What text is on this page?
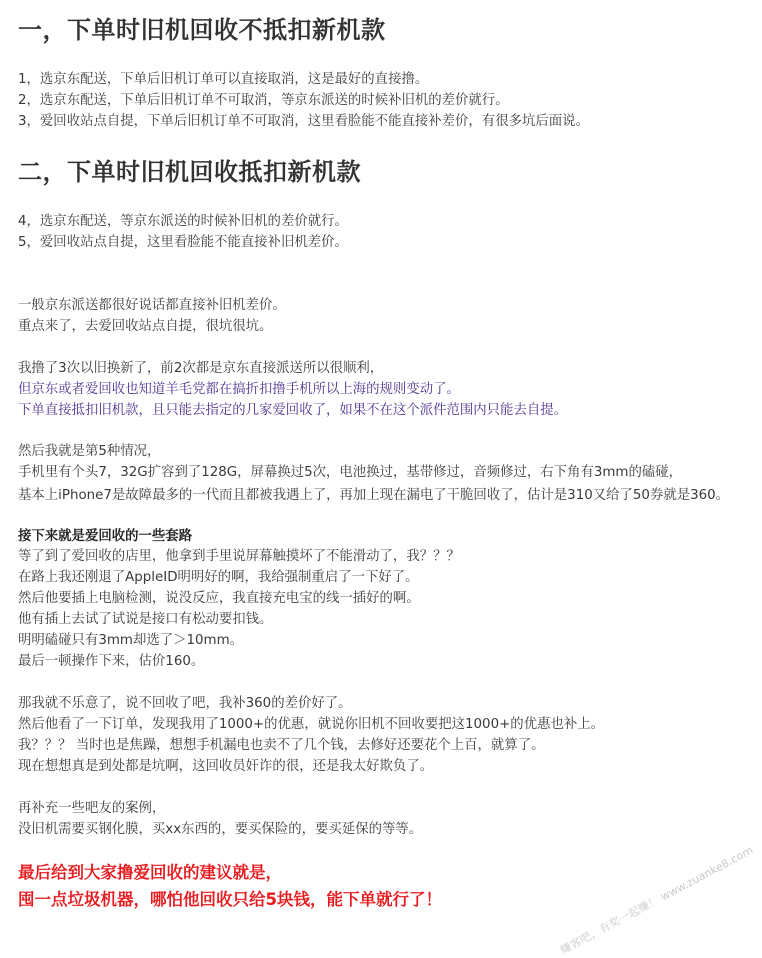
一，下单时旧机回收不抵扣新机款
1，选京东配送，下单后旧机订单可以直接取消，这是最好的直接撸。
2，选京东配送，下单后旧机订单不可取消，等京东派送的时候补旧机的差价就行。
3，爱回收站点自提，下单后旧机订单不可取消，这里看脸能不能直接补差价，有很多坑后面说。
二，下单时旧机回收抵扣新机款
4，选京东配送，等京东派送的时候补旧机的差价就行。
5，爱回收站点自提，这里看脸能不能直接补旧机差价。
一般京东派送都很好说话都直接补旧机差价。
重点来了，去爱回收站点自提，很坑很坑。
我撸了3次以旧换新了，前2次都是京东直接派送所以很顺利，
但京东或者爱回收也知道羊毛党都在搞折扣撸手机所以上海的规则变动了。
下单直接抵扣旧机款，且只能去指定的几家爱回收了，如果不在这个派件范围内只能去自提。
然后我就是第5种情况，
手机里有个头7，32G扩容到了128G，屏幕换过5次，电池换过，基带修过，音频修过，右下角有3mm的磕碰，
基本上iPhone7是故障最多的一代而且都被我遇上了，再加上现在漏电了干脆回收了，估计是310又给了50券就是360。
接下来就是爱回收的一些套路
等了到了爱回收的店里，他拿到手里说屏幕触摸坏了不能滑动了，我？？？
在路上我还刚退了AppleID明明好的啊，我给强制重启了一下好了。
然后他要插上电脑检测，说没反应，我直接充电宝的线一插好的啊。
他有插上去试了试说是接口有松动要扣钱。
明明磕碰只有3mm却选了＞10mm。
最后一顿操作下来，估价160。
那我就不乐意了，说不回收了吧，我补360的差价好了。
然后他看了一下订单，发现我用了1000+的优惠，就说你旧机不回收要把这1000+的优惠也补上。
我？？？ 当时也是焦躁，想想手机漏电也卖不了几个钱，去修好还要花个上百，就算了。
现在想想真是到处都是坑啊，这回收员奸诈的很，还是我太好欺负了。
再补充一些吧友的案例，
没旧机需要买钢化膜，买xx东西的，要买保险的，要买延保的等等。
最后给到大家撸爱回收的建议就是，
囤一点垃圾机器，哪怕他回收只给5块钱，能下单就行了！	赚客吧，有奖一起赚！ www.zuanke8.com
